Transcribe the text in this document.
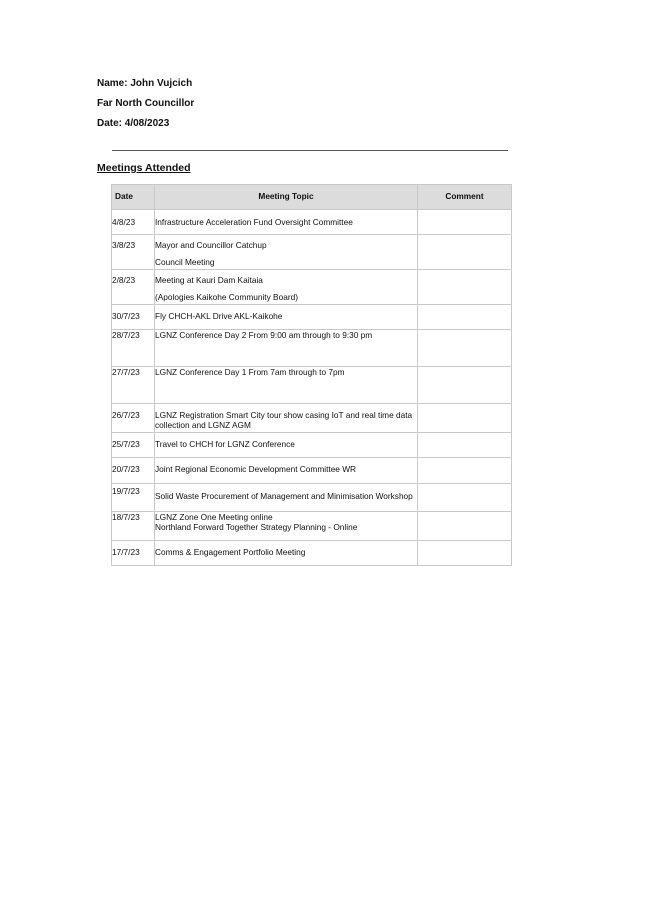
Name: John Vujcich
Far North Councillor
Date: 4/08/2023
Meetings Attended
Date	Meeting Topic	Comment

4/8/23	Infrastructure Acceleration Fund Oversight Committee	

3/8/23	Mayor and Councillor Catchup
Council Meeting	

2/8/23	Meeting at Kauri Dam Kaitaia
(Apologies Kaikohe Community Board)	

30/7/23	Fly CHCH-AKL Drive AKL-Kaikohe	

28/7/23	LGNZ Conference Day 2 From 9:00 am through to 9:30 pm	

27/7/23	LGNZ Conference Day 1 From 7am through to 7pm	

26/7/23	LGNZ Registration Smart City tour show casing IoT and real time data collection and LGNZ AGM	

25/7/23	Travel to CHCH for LGNZ Conference	

20/7/23	Joint Regional Economic Development Committee WR	

19/7/23	Solid Waste Procurement of Management and Minimisation Workshop	

18/7/23	LGNZ Zone One Meeting online
Northland Forward Together Strategy Planning - Online	

17/7/23	Comms & Engagement Portfolio Meeting	
